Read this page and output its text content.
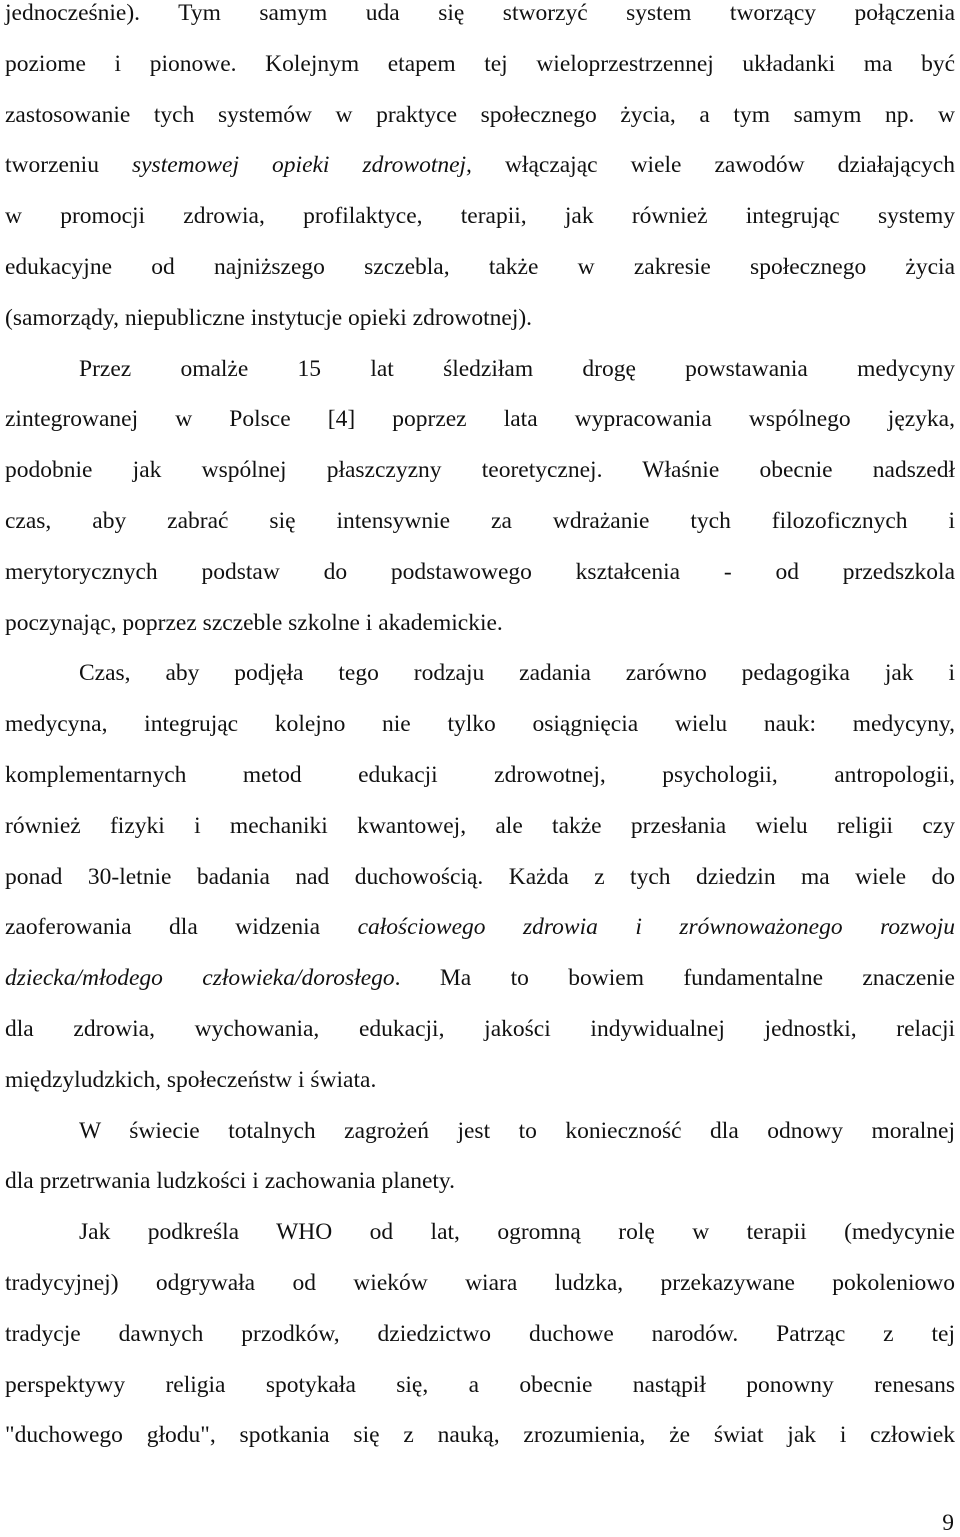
jednocześnie). Tym samym uda się stworzyć system tworzący połączenia
poziome i pionowe. Kolejnym etapem tej wieloprzestrzennej układanki ma być
zastosowanie tych systemów w praktyce społecznego życia, a tym samym np. w
tworzeniu systemowej opieki zdrowotnej, włączając wiele zawodów działających
w promocji zdrowia, profilaktyce, terapii, jak również integrując systemy
edukacyjne od najniższego szczebla, także w zakresie społecznego życia
(samorządy, niepubliczne instytucje opieki zdrowotnej).

Przez omalże 15 lat śledziłam drogę powstawania medycyny
zintegrowanej w Polsce [4] poprzez lata wypracowania wspólnego języka,
podobnie jak wspólnej płaszczyzny teoretycznej. Właśnie obecnie nadszedł
czas, aby zabrać się intensywnie za wdrażanie tych filozoficznych i
merytorycznych podstaw do podstawowego kształcenia - od przedszkola
poczynając, poprzez szczeble szkolne i akademickie.

Czas, aby podjęła tego rodzaju zadania zarówno pedagogika jak i
medycyna, integrując kolejno nie tylko osiągnięcia wielu nauk: medycyny,
komplementarnych metod edukacji zdrowotnej, psychologii, antropologii,
również fizyki i mechaniki kwantowej, ale także przesłania wielu religii czy
ponad 30-letnie badania nad duchowością. Każda z tych dziedzin ma wiele do
zaoferowania dla widzenia całościowego zdrowia i zrównoważonego rozwoju
dziecka/młodego człowieka/dorosłego. Ma to bowiem fundamentalne znaczenie
dla zdrowia, wychowania, edukacji, jakości indywidualnej jednostki, relacji
międzyludzkich, społeczeństw i świata.

W świecie totalnych zagrożeń jest to konieczność dla odnowy moralnej
dla przetrwania ludzkości i zachowania planety.

Jak podkreśla WHO od lat, ogromną rolę w terapii (medycynie
tradycyjnej) odgrywała od wieków wiara ludzka, przekazywane pokoleniowo
tradycje dawnych przodków, dziedzictwo duchowe narodów. Patrząc z tej
perspektywy religia spotykała się, a obecnie nastąpił ponowny renesans
"duchowego głodu", spotkania się z nauką, zrozumienia, że świat jak i człowiek

9
